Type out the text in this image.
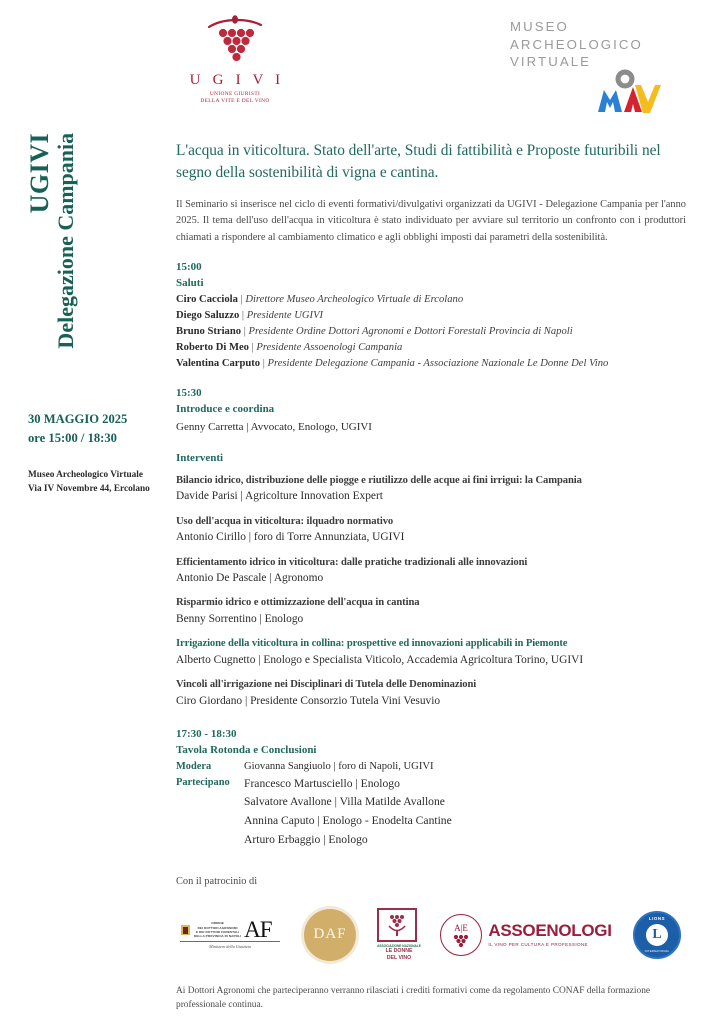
U G I V I
UNIONE GIURISTI
DELLA VITE E DEL VINO
MUSEO
ARCHEOLOGICO
VIRTUALE
UGIVI Delegazione Campania
30 MAGGIO 2025
ore 15:00 / 18:30
Museo Archeologico Virtuale
Via IV Novembre 44, Ercolano
L'acqua in viticoltura. Stato dell'arte, Studi di fattibilità e Proposte futuribili nel segno della sostenibilità di vigna e cantina.
Il Seminario si inserisce nel ciclo di eventi formativi/divulgativi organizzati da UGIVI - Delegazione Campania per l'anno 2025. Il tema dell'uso dell'acqua in viticoltura è stato individuato per avviare sul territorio un confronto con i produttori chiamati a rispondere al cambiamento climatico e agli obblighi imposti dai parametri della sostenibilità.
15:00
Saluti
Ciro Cacciola | Direttore Museo Archeologico Virtuale di Ercolano
Diego Saluzzo | Presidente UGIVI
Bruno Striano | Presidente Ordine Dottori Agronomi e Dottori Forestali Provincia di Napoli
Roberto Di Meo | Presidente Assoenologi Campania
Valentina Carputo | Presidente Delegazione Campania - Associazione Nazionale Le Donne Del Vino
15:30
Introduce e coordina
Genny Carretta | Avvocato, Enologo, UGIVI
Interventi
Bilancio idrico, distribuzione delle piogge e riutilizzo delle acque ai fini irrigui: la Campania
Davide Parisi | Agricolture Innovation Expert
Uso dell'acqua in viticoltura: ilquadro normativo
Antonio Cirillo | foro di Torre Annunziata, UGIVI
Efficientamento idrico in viticoltura: dalle pratiche tradizionali alle innovazioni
Antonio De Pascale | Agronomo
Risparmio idrico e ottimizzazione dell'acqua in cantina
Benny Sorrentino | Enologo
Irrigazione della viticoltura in collina: prospettive ed innovazioni applicabili in Piemonte
Alberto Cugnetto | Enologo e Specialista Viticolo, Accademia Agricoltura Torino, UGIVI
Vincoli all'irrigazione nei Disciplinari di Tutela delle Denominazioni
Ciro Giordano | Presidente Consorzio Tutela Vini Vesuvio
17:30 - 18:30
Tavola Rotonda e Conclusioni
Modera	Giovanna Sangiuolo | foro di Napoli, UGIVI
Partecipano	Francesco Martusciello | Enologo
Salvatore Avallone | Villa Matilde Avallone
Annina Caputo | Enologo - Enodelta Cantine
Arturo Erbaggio | Enologo
Con il patrocinio di
ORDINE
DEI DOTTORI AGRONOMI
E DEI DOTTORI FORESTALI
DELLA PROVINCIA DI NAPOLI AF
Ministero della Giustizia
DAF
ASSOCIAZIONE NAZIONALE
LE DONNE
DEL VINO
A|E ASSOENOLOGI
IL VINO PER CULTURA E PROFESSIONE
LIONS
L
INTERNATIONAL
Ai Dottori Agronomi che parteciperanno verranno rilasciati i crediti formativi come da regolamento CONAF della formazione professionale continua.
